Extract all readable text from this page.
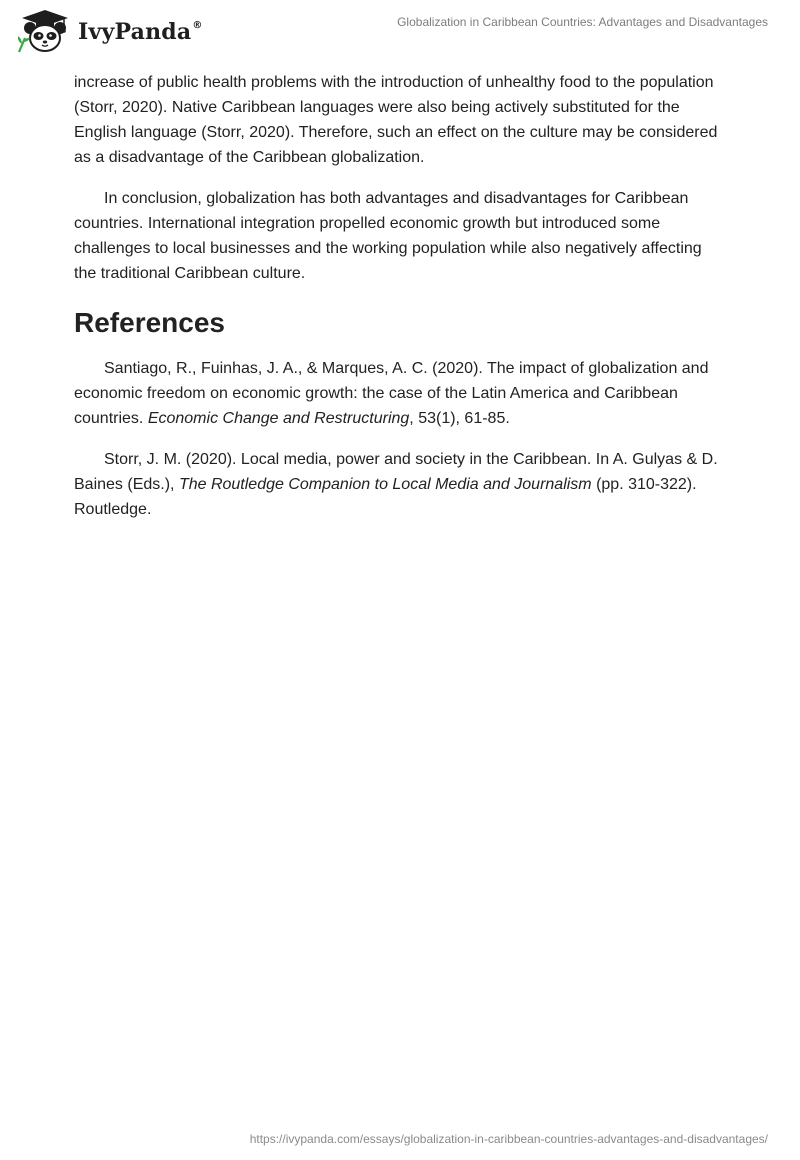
IvyPanda®	Globalization in Caribbean Countries: Advantages and Disadvantages

increase of public health problems with the introduction of unhealthy food to the population (Storr, 2020). Native Caribbean languages were also being actively substituted for the English language (Storr, 2020). Therefore, such an effect on the culture may be considered as a disadvantage of the Caribbean globalization.

In conclusion, globalization has both advantages and disadvantages for Caribbean countries. International integration propelled economic growth but introduced some challenges to local businesses and the working population while also negatively affecting the traditional Caribbean culture.

References

Santiago, R., Fuinhas, J. A., & Marques, A. C. (2020). The impact of globalization and economic freedom on economic growth: the case of the Latin America and Caribbean countries. Economic Change and Restructuring, 53(1), 61-85.

Storr, J. M. (2020). Local media, power and society in the Caribbean. In A. Gulyas & D. Baines (Eds.), The Routledge Companion to Local Media and Journalism (pp. 310-322). Routledge.

https://ivypanda.com/essays/globalization-in-caribbean-countries-advantages-and-disadvantages/
